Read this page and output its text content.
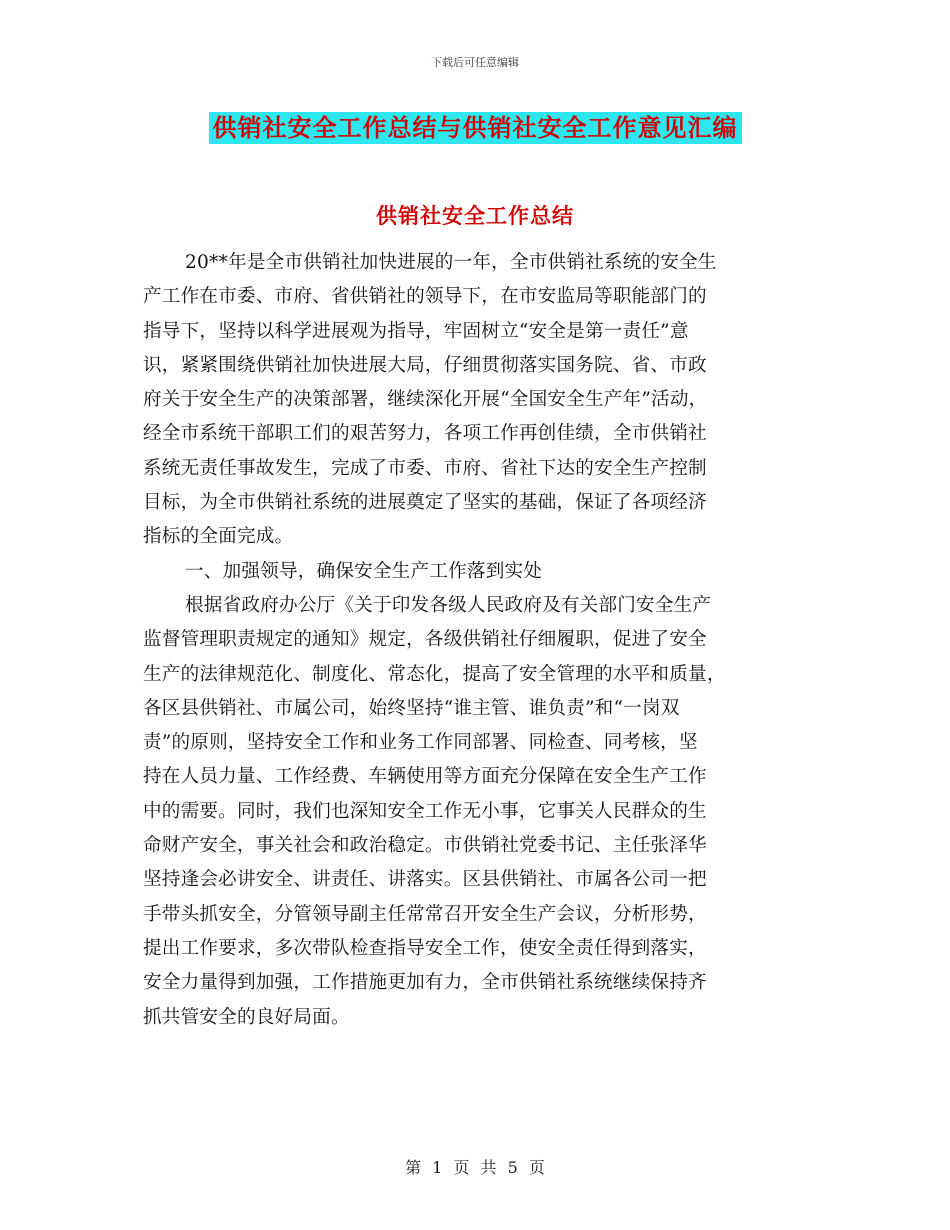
下载后可任意编辑
供销社安全工作总结与供销社安全工作意见汇编
供销社安全工作总结
20**年是全市供销社加快进展的一年，全市供销社系统的安全生
产工作在市委、市府、省供销社的领导下，在市安监局等职能部门的
指导下，坚持以科学进展观为指导，牢固树立“安全是第一责任”意
识，紧紧围绕供销社加快进展大局，仔细贯彻落实国务院、省、市政
府关于安全生产的决策部署，继续深化开展“全国安全生产年”活动，
经全市系统干部职工们的艰苦努力，各项工作再创佳绩，全市供销社
系统无责任事故发生，完成了市委、市府、省社下达的安全生产控制
目标，为全市供销社系统的进展奠定了坚实的基础，保证了各项经济
指标的全面完成。
一、加强领导，确保安全生产工作落到实处
根据省政府办公厅《关于印发各级人民政府及有关部门安全生产
监督管理职责规定的通知》规定，各级供销社仔细履职，促进了安全
生产的法律规范化、制度化、常态化，提高了安全管理的水平和质量，
各区县供销社、市属公司，始终坚持“谁主管、谁负责”和“一岗双
责”的原则，坚持安全工作和业务工作同部署、同检查、同考核，坚
持在人员力量、工作经费、车辆使用等方面充分保障在安全生产工作
中的需要。同时，我们也深知安全工作无小事，它事关人民群众的生
命财产安全，事关社会和政治稳定。市供销社党委书记、主任张泽华
坚持逢会必讲安全、讲责任、讲落实。区县供销社、市属各公司一把
手带头抓安全，分管领导副主任常常召开安全生产会议，分析形势，
提出工作要求，多次带队检查指导安全工作，使安全责任得到落实，
安全力量得到加强，工作措施更加有力，全市供销社系统继续保持齐
抓共管安全的良好局面。
第 1 页 共 5 页
